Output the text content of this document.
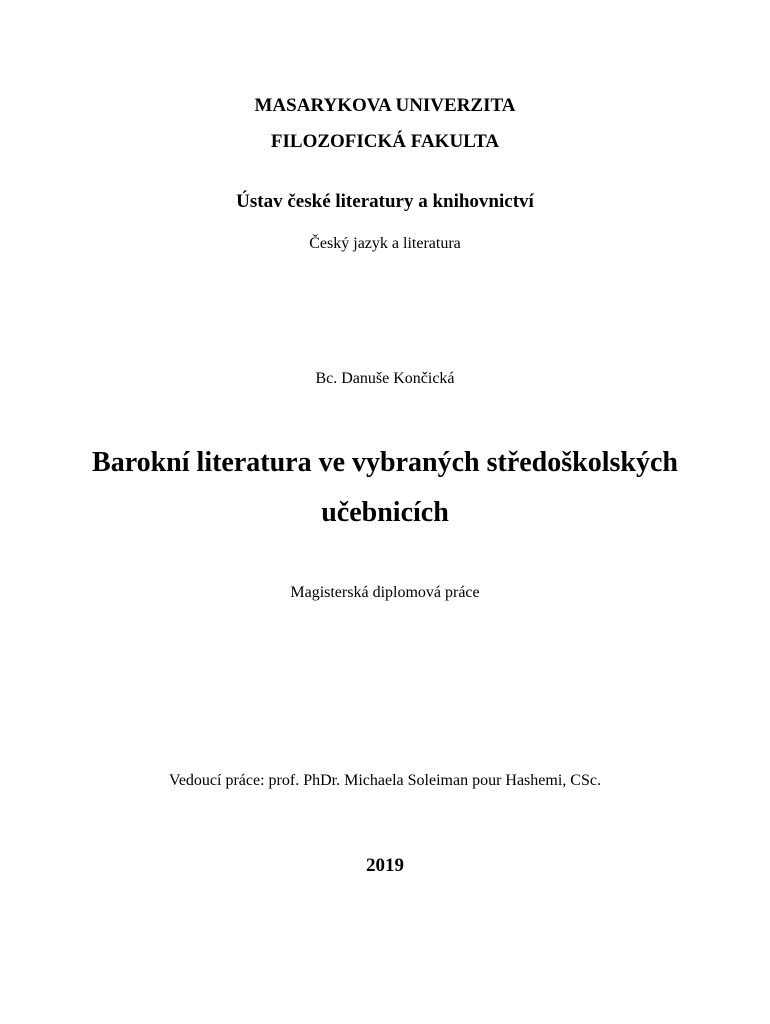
MASARYKOVA UNIVERZITA
FILOZOFICKÁ FAKULTA
Ústav české literatury a knihovnictví
Český jazyk a literatura
Bc. Danuše Končická
Barokní literatura ve vybraných středoškolských
učebnicích
Magisterská diplomová práce
Vedoucí práce: prof. PhDr. Michaela Soleiman pour Hashemi, CSc.
2019
